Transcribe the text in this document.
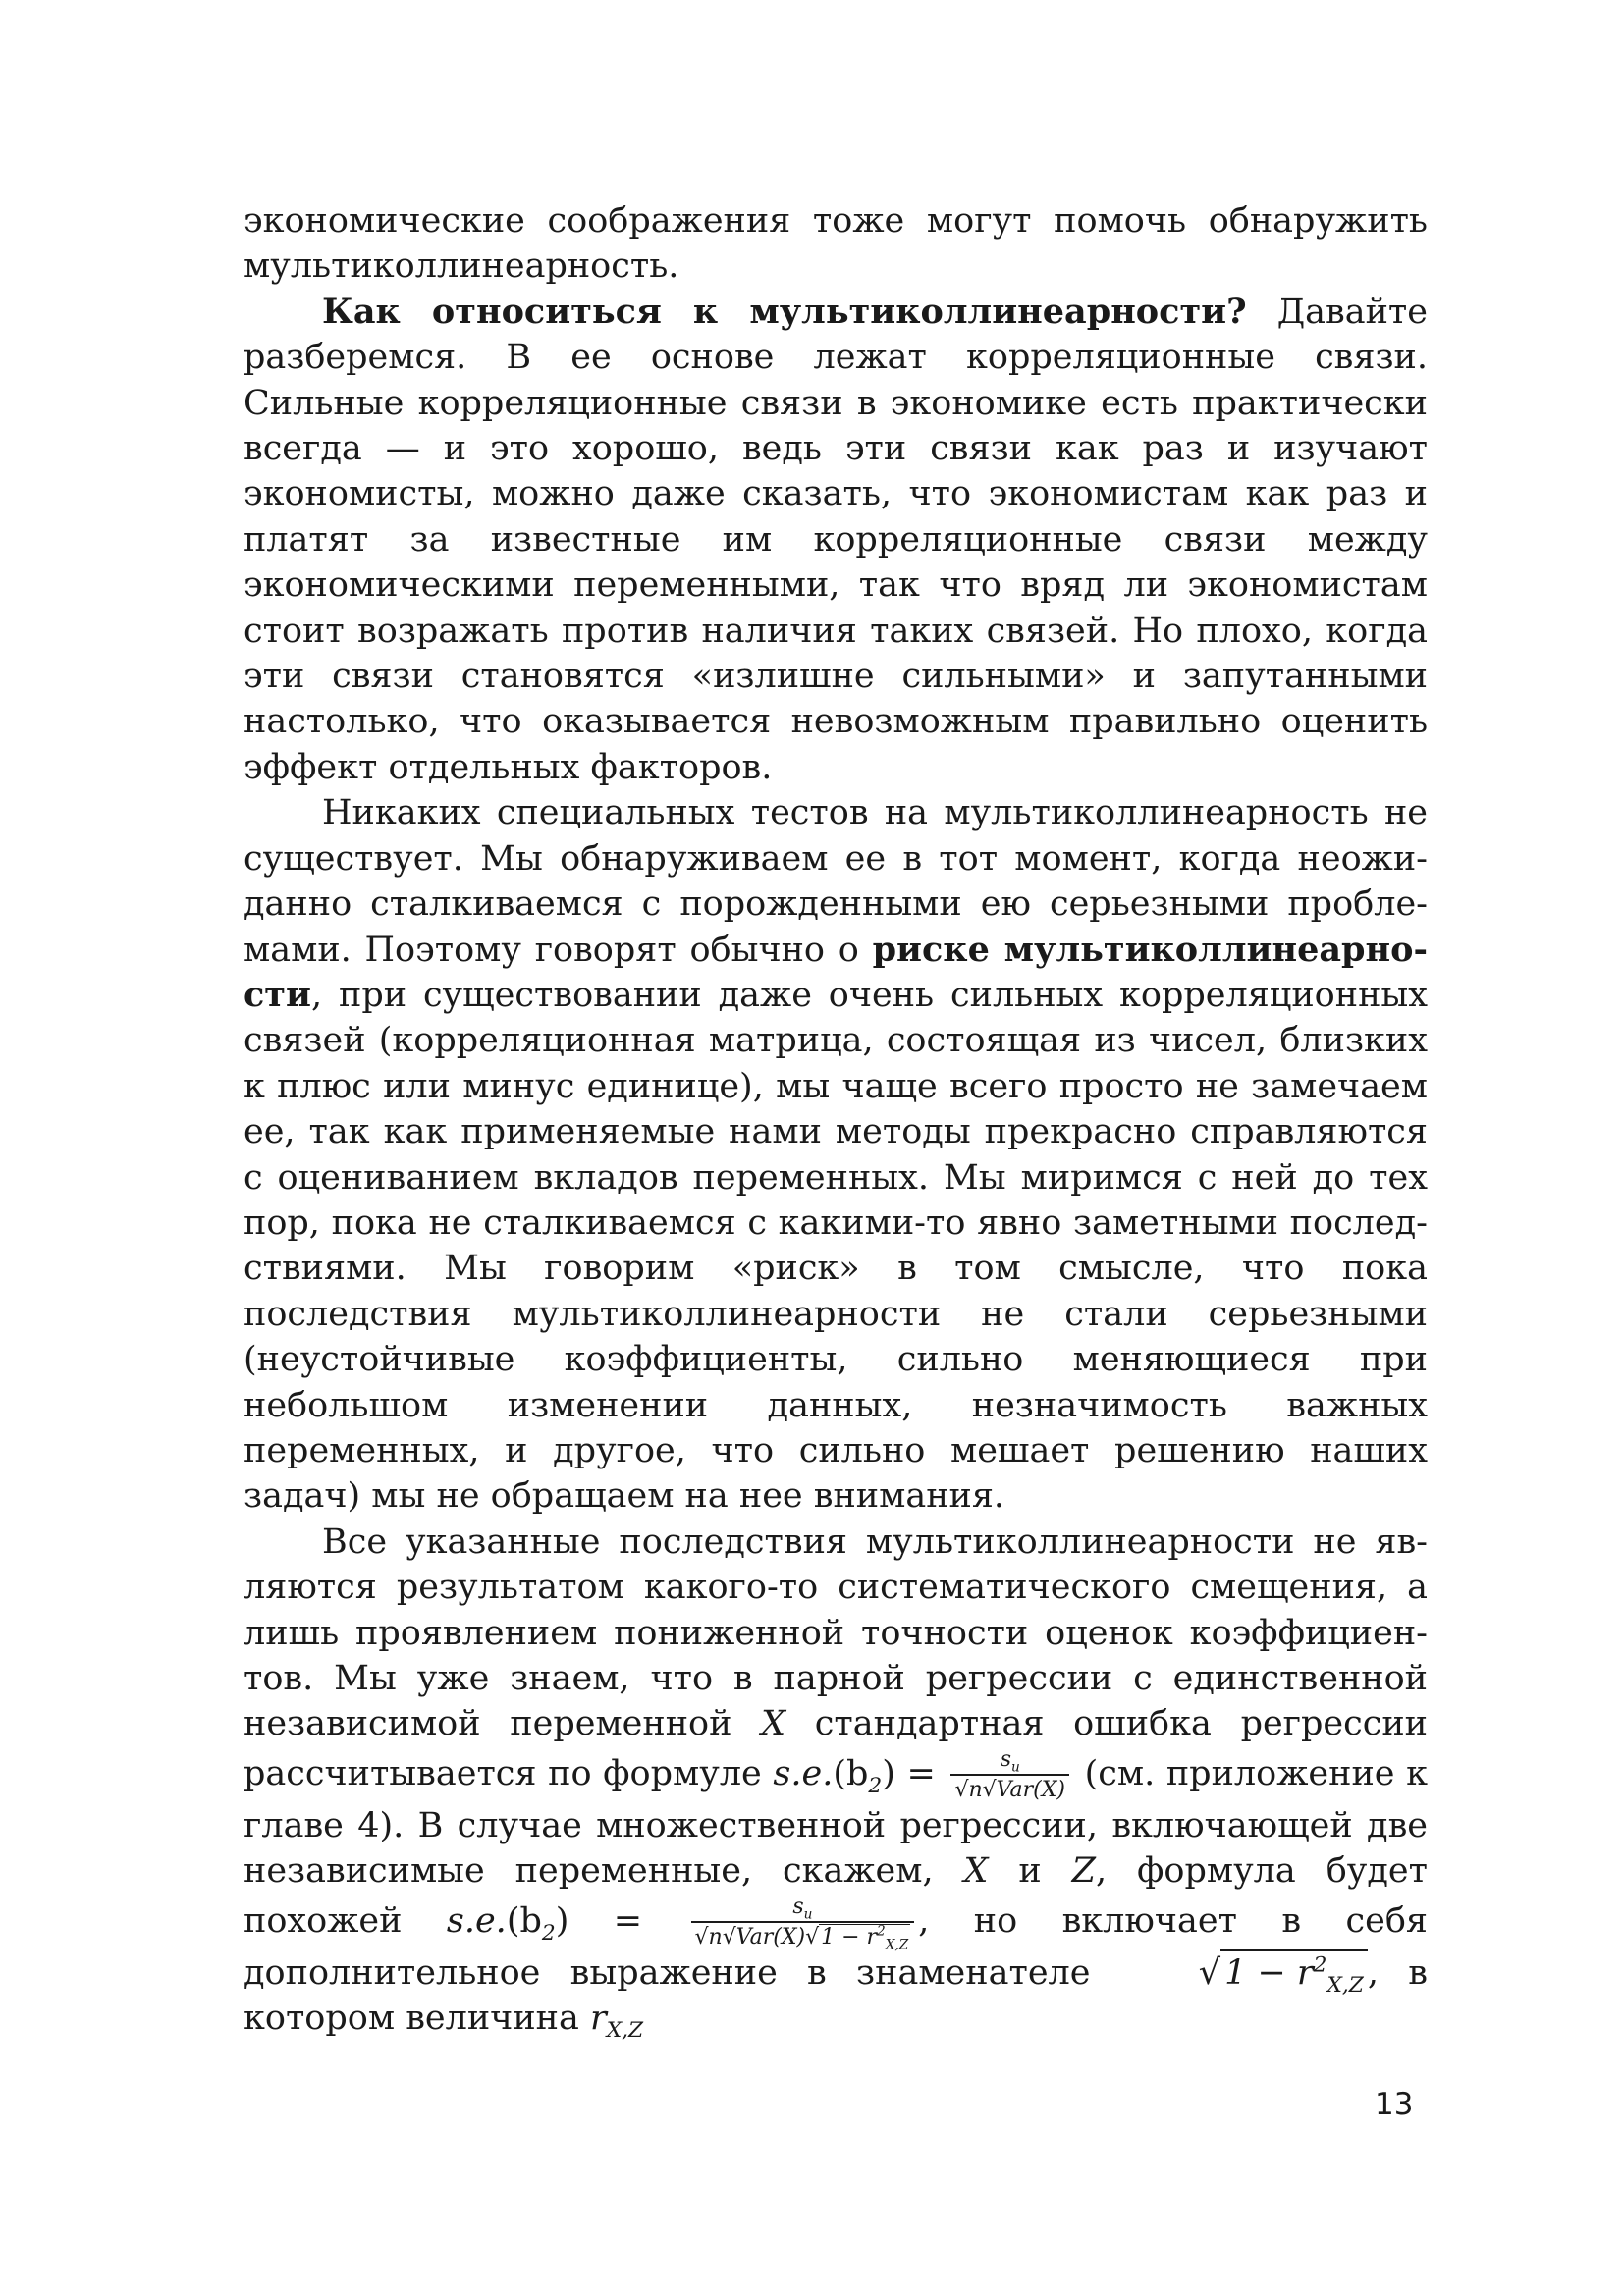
экономические соображения тоже могут помочь обнаружить мультиколлинеарность.

Как относиться к мультиколлинеарности? Давайте разберемся. В ее основе лежат корреляционные связи. Сильные корреляционные связи в экономике есть практически всегда — и это хорошо, ведь эти связи как раз и изучают экономисты, можно даже сказать, что экономистам как раз и платят за известные им корреляционные связи между экономическими переменными, так что вряд ли экономистам стоит возражать против наличия таких связей. Но плохо, когда эти связи становятся «излишне сильными» и запутанными настолько, что оказывается невозможным правильно оценить эффект отдельных факторов.

Никаких специальных тестов на мультиколлинеарность не существует. Мы обнаруживаем ее в тот момент, когда неожиданно сталкиваемся с порожденными ею серьезными проблемами. Поэтому говорят обычно о риске мультиколлинеарности, при существовании даже очень сильных корреляционных связей (корреляционная матрица, состоящая из чисел, близких к плюс или минус единице), мы чаще всего просто не замечаем ее, так как применяемые нами методы прекрасно справляются с оцениванием вкладов переменных. Мы миримся с ней до тех пор, пока не сталкиваемся с какими-то явно заметными последствиями. Мы говорим «риск» в том смысле, что пока последствия мультиколлинеарности не стали серьезными (неустойчивые коэффициенты, сильно меняющиеся при небольшом изменении данных, незначимость важных переменных, и другое, что сильно мешает решению наших задач) мы не обращаем на нее внимания.

Все указанные последствия мультиколлинеарности не являются результатом какого-то систематического смещения, а лишь проявлением пониженной точности оценок коэффициентов. Мы уже знаем, что в парной регрессии с единственной независимой переменной X стандартная ошибка регрессии рассчитывается по формуле $s.e.(b_2) = \frac{s_u}{\text{√n√Var(X)}} (см$. приложение к главе 4). В случае множественной регрессии, включающей две независимые переменные, скажем, X и Z, формула будет похожей $s.e.(b_2) = \frac{s_u}{√n√Var(X)√1 - r^2_{X,Z}}$ , но включает в себя дополнительное выражение в знаменателе √ $1 - r^2_{X,Z}$ , в котором величина $r_{X,Z}$

13
